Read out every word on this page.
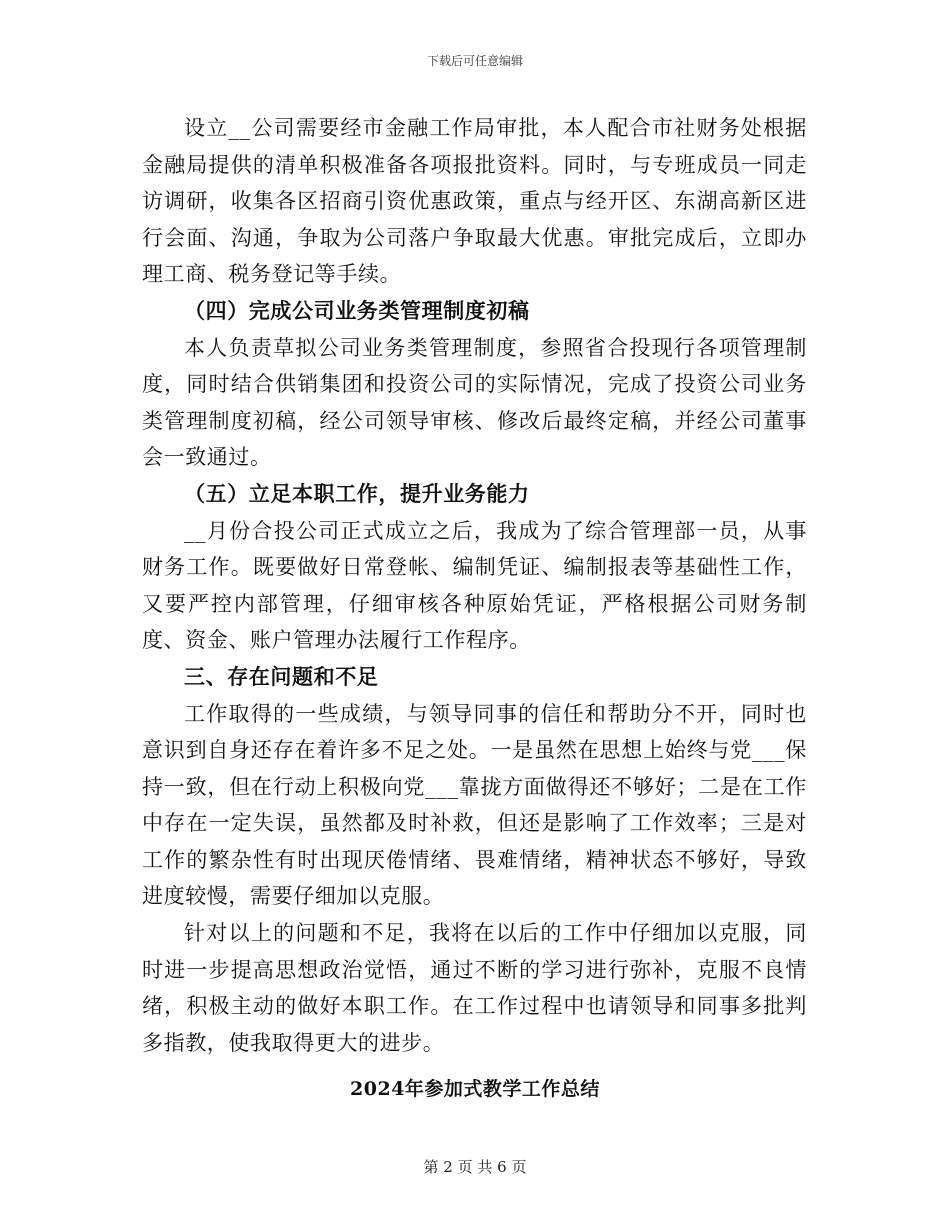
下载后可任意编辑

设立__公司需要经市金融工作局审批，本人配合市社财务处根据金融局提供的清单积极准备各项报批资料。同时，与专班成员一同走访调研，收集各区招商引资优惠政策，重点与经开区、东湖高新区进行会面、沟通，争取为公司落户争取最大优惠。审批完成后，立即办理工商、税务登记等手续。

（四）完成公司业务类管理制度初稿

本人负责草拟公司业务类管理制度，参照省合投现行各项管理制度，同时结合供销集团和投资公司的实际情况，完成了投资公司业务类管理制度初稿，经公司领导审核、修改后最终定稿，并经公司董事会一致通过。

（五）立足本职工作，提升业务能力

__月份合投公司正式成立之后，我成为了综合管理部一员，从事财务工作。既要做好日常登帐、编制凭证、编制报表等基础性工作，又要严控内部管理，仔细审核各种原始凭证，严格根据公司财务制度、资金、账户管理办法履行工作程序。

三、存在问题和不足

工作取得的一些成绩，与领导同事的信任和帮助分不开，同时也意识到自身还存在着许多不足之处。一是虽然在思想上始终与党___保持一致，但在行动上积极向党___靠拢方面做得还不够好；二是在工作中存在一定失误，虽然都及时补救，但还是影响了工作效率；三是对工作的繁杂性有时出现厌倦情绪、畏难情绪，精神状态不够好，导致进度较慢，需要仔细加以克服。

针对以上的问题和不足，我将在以后的工作中仔细加以克服，同时进一步提高思想政治觉悟，通过不断的学习进行弥补，克服不良情绪，积极主动的做好本职工作。在工作过程中也请领导和同事多批判多指教，使我取得更大的进步。

2024年参加式教学工作总结
第 2 页 共 6 页
